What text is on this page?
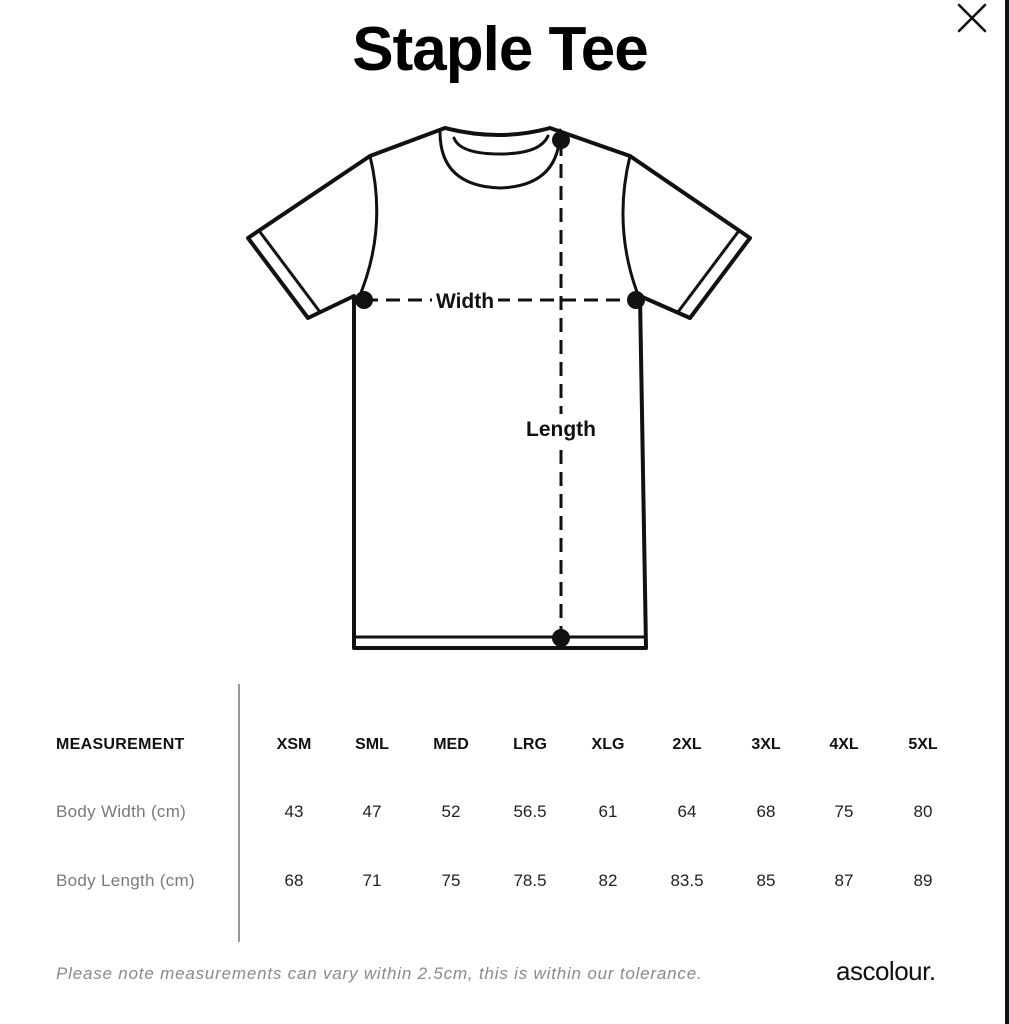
Staple Tee
Width
Length
MEASUREMENT	XSM	SML	MED	LRG	XLG	2XL	3XL	4XL	5XL
Body Width (cm)	43	47	52	56.5	61	64	68	75	80
Body Length (cm)	68	71	75	78.5	82	83.5	85	87	89
Please note measurements can vary within 2.5cm, this is within our tolerance.	ascolour.
